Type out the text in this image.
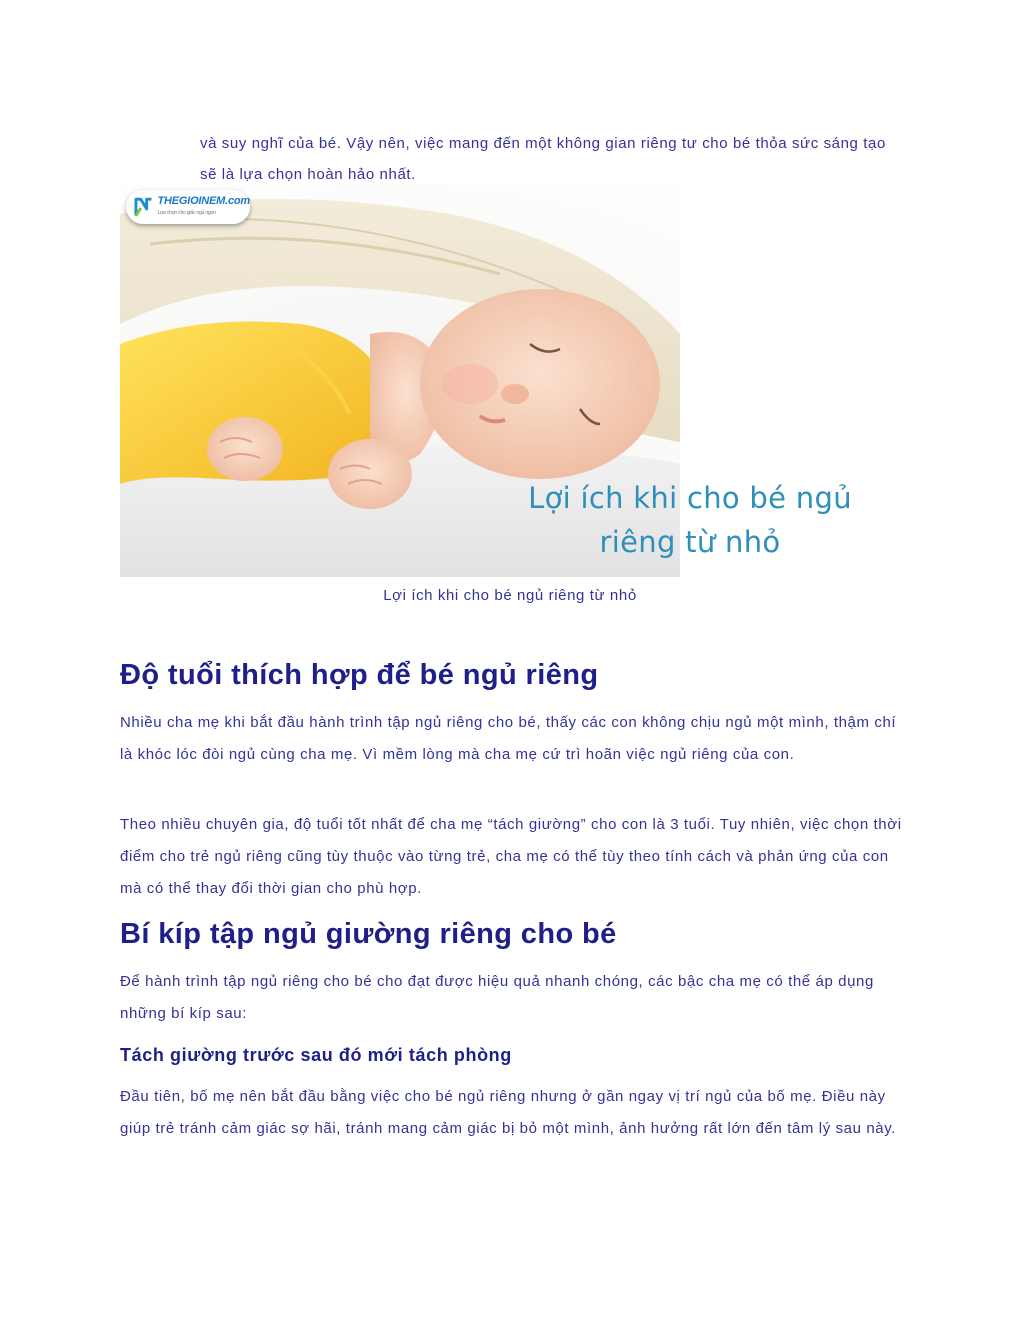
và suy nghĩ của bé. Vậy nên, việc mang đến một không gian riêng tư cho bé thỏa sức sáng tạo sẽ là lựa chọn hoàn hảo nhất.

THEGIOINEM.com
Lựa chọn cho giấc ngủ ngon
Lợi ích khi cho bé ngủ
riêng từ nhỏ

Lợi ích khi cho bé ngủ riêng từ nhỏ

Độ tuổi thích hợp để bé ngủ riêng

Nhiều cha mẹ khi bắt đầu hành trình tập ngủ riêng cho bé, thấy các con không chịu ngủ một mình, thậm chí là khóc lóc đòi ngủ cùng cha mẹ. Vì mềm lòng mà cha mẹ cứ trì hoãn việc ngủ riêng của con.

Theo nhiều chuyên gia, độ tuổi tốt nhất để cha mẹ “tách giường” cho con là 3 tuổi. Tuy nhiên, việc chọn thời điểm cho trẻ ngủ riêng cũng tùy thuộc vào từng trẻ, cha mẹ có thể tùy theo tính cách và phản ứng của con mà có thể thay đổi thời gian cho phù hợp.

Bí kíp tập ngủ giường riêng cho bé

Để hành trình tập ngủ riêng cho bé cho đạt được hiệu quả nhanh chóng, các bậc cha mẹ có thể áp dụng những bí kíp sau:

Tách giường trước sau đó mới tách phòng

Đầu tiên, bố mẹ nên bắt đầu bằng việc cho bé ngủ riêng nhưng ở gần ngay vị trí ngủ của bố mẹ. Điều này giúp trẻ tránh cảm giác sợ hãi, tránh mang cảm giác bị bỏ một mình, ảnh hưởng rất lớn đến tâm lý sau này.
